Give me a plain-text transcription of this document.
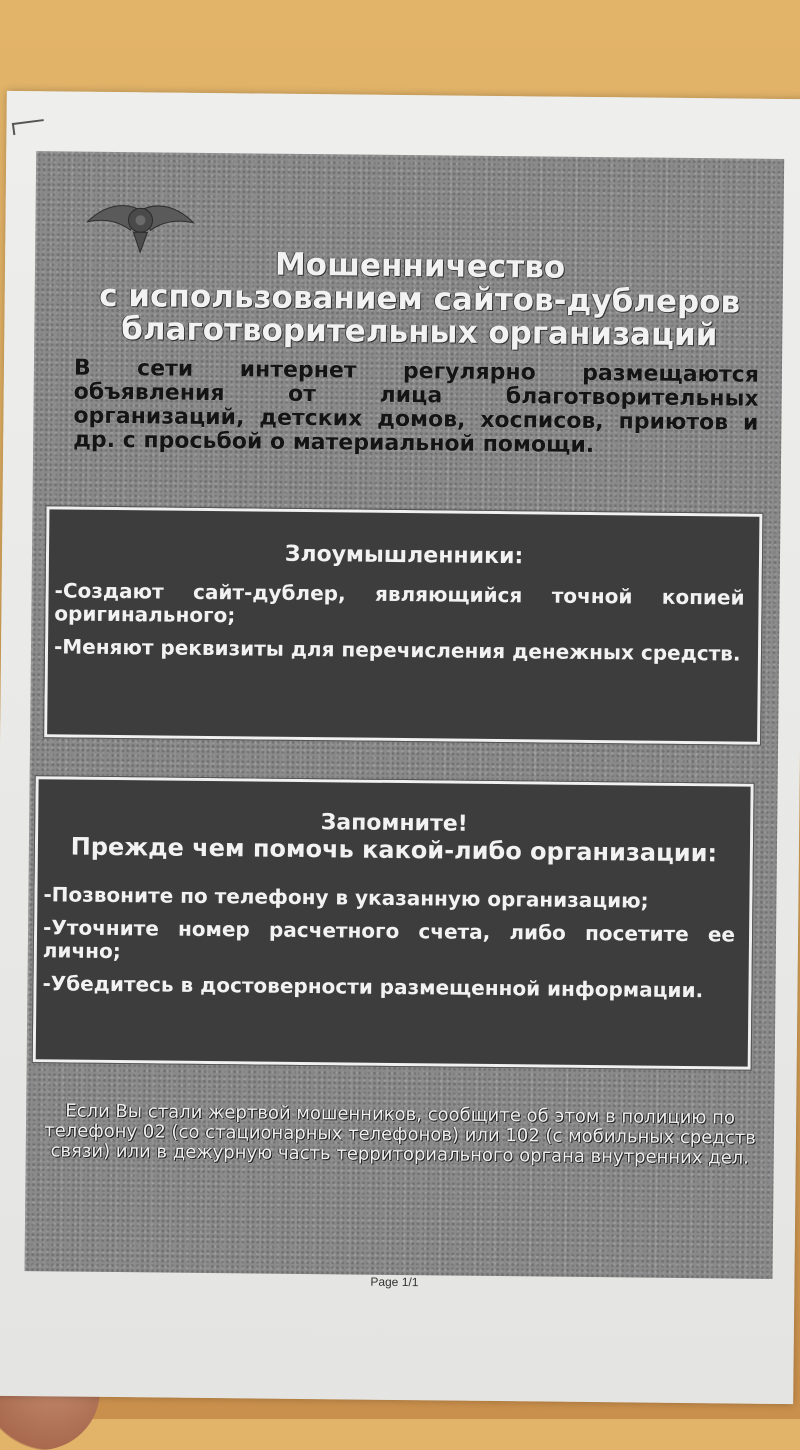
Мошенничество
с использованием сайтов-дублеров
благотворительных организаций
В сети интернет регулярно размещаются объявления от лица благотворительных организаций, детских домов, хосписов, приютов и др. с просьбой о материальной помощи.
Злоумышленники:
-Создают сайт-дублер, являющийся точной копией оригинального;
-Меняют реквизиты для перечисления денежных средств.
Запомните!
Прежде чем помочь какой-либо организации:
-Позвоните по телефону в указанную организацию;
-Уточните номер расчетного счета, либо посетите ее лично;
-Убедитесь в достоверности размещенной информации.
Если Вы стали жертвой мошенников, сообщите об этом в полицию по телефону 02 (со стационарных телефонов) или 102 (с мобильных средств связи) или в дежурную часть территориального органа внутренних дел.
Page 1/1
